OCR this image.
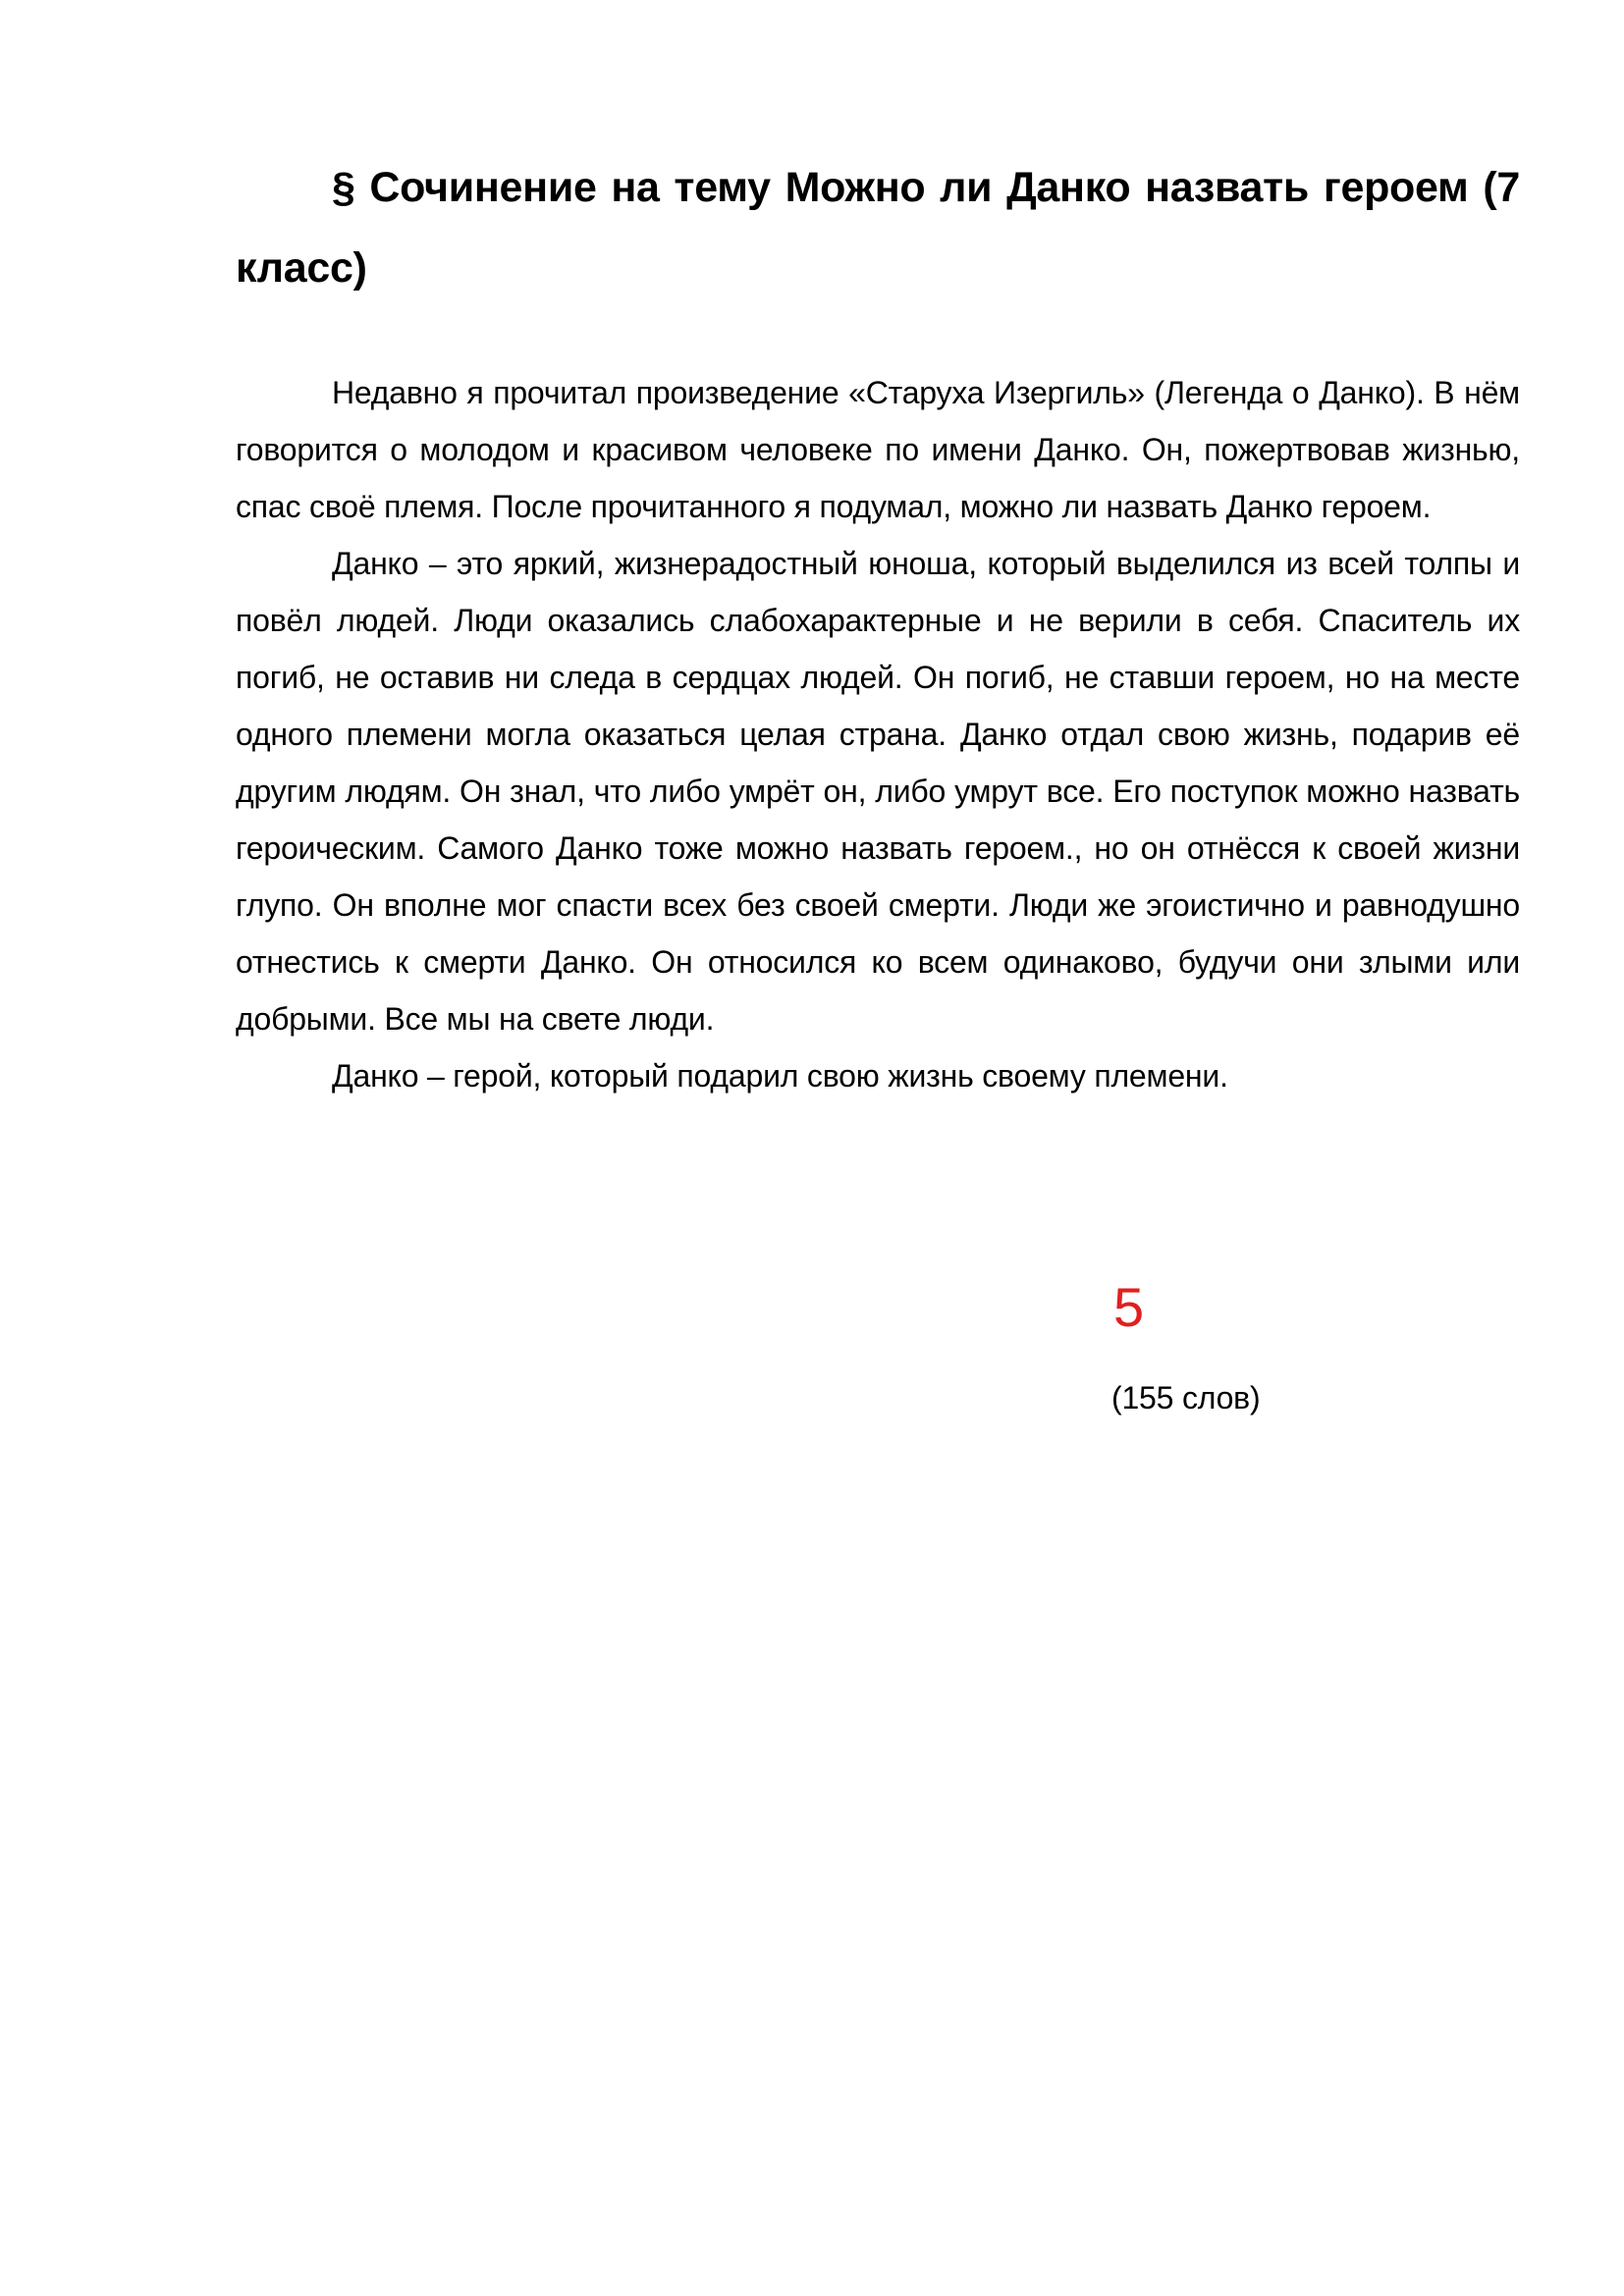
§ Сочинение на тему Можно ли Данко назвать героем (7 класс)

Недавно я прочитал произведение «Старуха Изергиль» (Легенда о Данко). В нём говорится о молодом и красивом человеке по имени Данко. Он, пожертвовав жизнью, спас своё племя. После прочитанного я подумал, можно ли назвать Данко героем.

Данко – это яркий, жизнерадостный юноша, который выделился из всей толпы и повёл людей. Люди оказались слабохарактерные и не верили в себя. Спаситель их погиб, не оставив ни следа в сердцах людей. Он погиб, не ставши героем, но на месте одного племени могла оказаться целая страна. Данко отдал свою жизнь, подарив её другим людям. Он знал, что либо умрёт он, либо умрут все. Его поступок можно назвать героическим. Самого Данко тоже можно назвать героем., но он отнёсся к своей жизни глупо. Он вполне мог спасти всех без своей смерти. Люди же эгоистично и равнодушно отнестись к смерти Данко. Он относился ко всем одинаково, будучи они злыми или добрыми. Все мы на свете люди.

Данко – герой, который подарил свою жизнь своему племени.

5
(155 слов)
